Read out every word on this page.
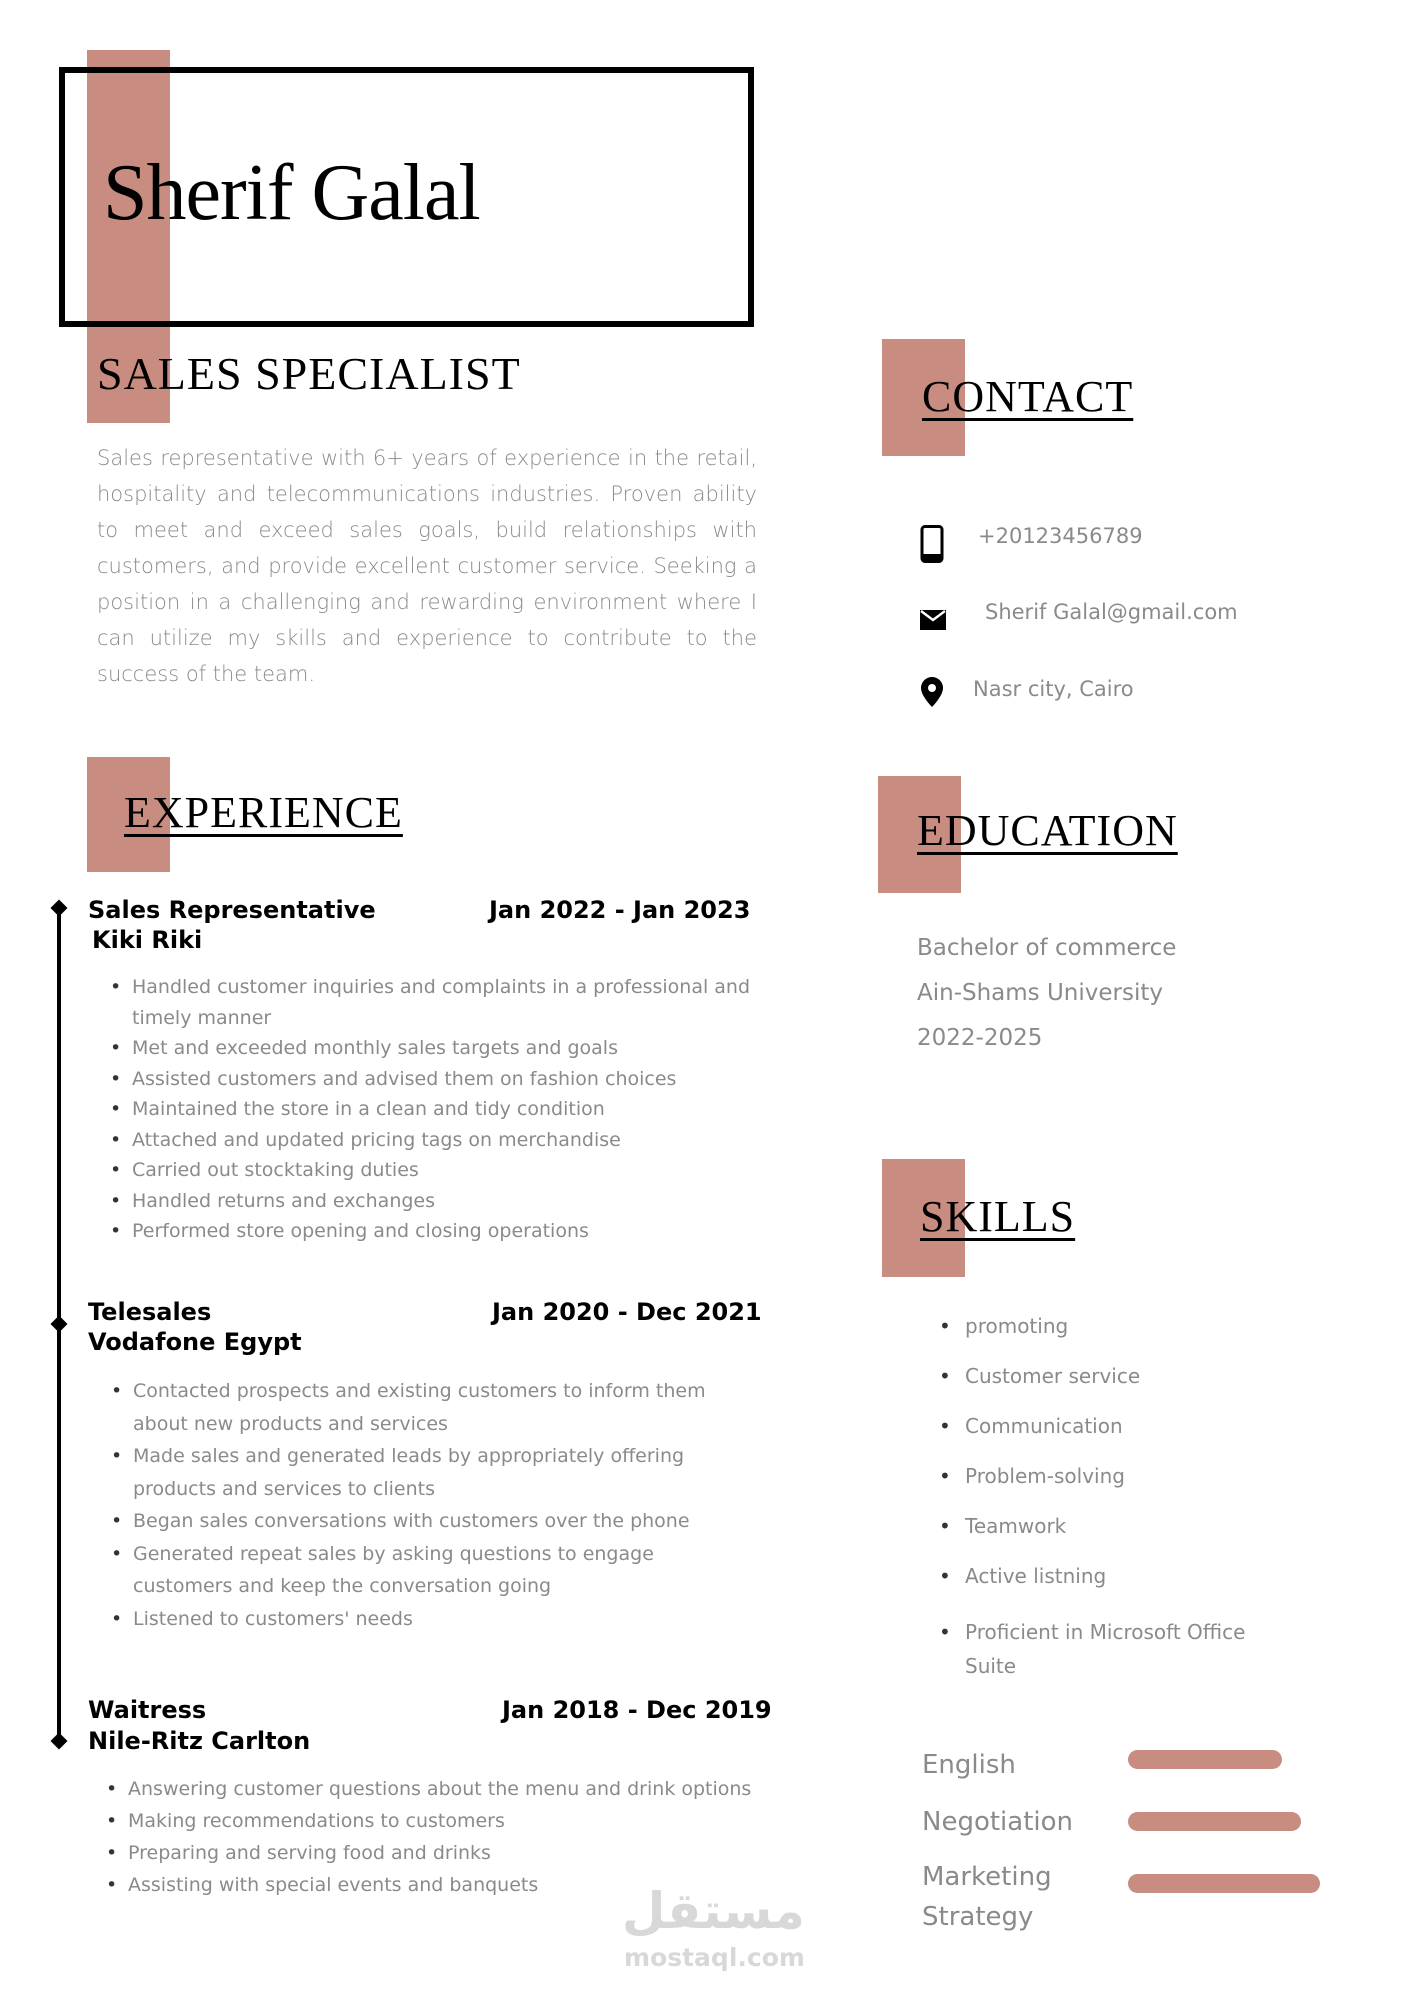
Sherif Galal
SALES SPECIALIST
Sales representative with 6+ years of experience in the retail, hospitality and telecommunications industries. Proven ability to meet and exceed sales goals, build relationships with customers, and provide excellent customer service. Seeking a position in a challenging and rewarding environment where I can utilize my skills and experience to contribute to the success of the team.
EXPERIENCE
Sales Representative	Jan 2022 - Jan 2023
Kiki Riki
• Handled customer inquiries and complaints in a professional and timely manner
• Met and exceeded monthly sales targets and goals
• Assisted customers and advised them on fashion choices
• Maintained the store in a clean and tidy condition
• Attached and updated pricing tags on merchandise
• Carried out stocktaking duties
• Handled returns and exchanges
• Performed store opening and closing operations
Telesales	Jan 2020 - Dec 2021
Vodafone Egypt
• Contacted prospects and existing customers to inform them about new products and services
• Made sales and generated leads by appropriately offering products and services to clients
• Began sales conversations with customers over the phone
• Generated repeat sales by asking questions to engage customers and keep the conversation going
• Listened to customers' needs
Waitress	Jan 2018 - Dec 2019
Nile-Ritz Carlton
• Answering customer questions about the menu and drink options
• Making recommendations to customers
• Preparing and serving food and drinks
• Assisting with special events and banquets
CONTACT
+20123456789
Sherif Galal@gmail.com
Nasr city, Cairo
EDUCATION
Bachelor of commerce
Ain-Shams University
2022-2025
SKILLS
• promoting
• Customer service
• Communication
• Problem-solving
• Teamwork
• Active listning
• Proficient in Microsoft Office Suite
English
Negotiation
Marketing Strategy
مستقل
mostaql.com
